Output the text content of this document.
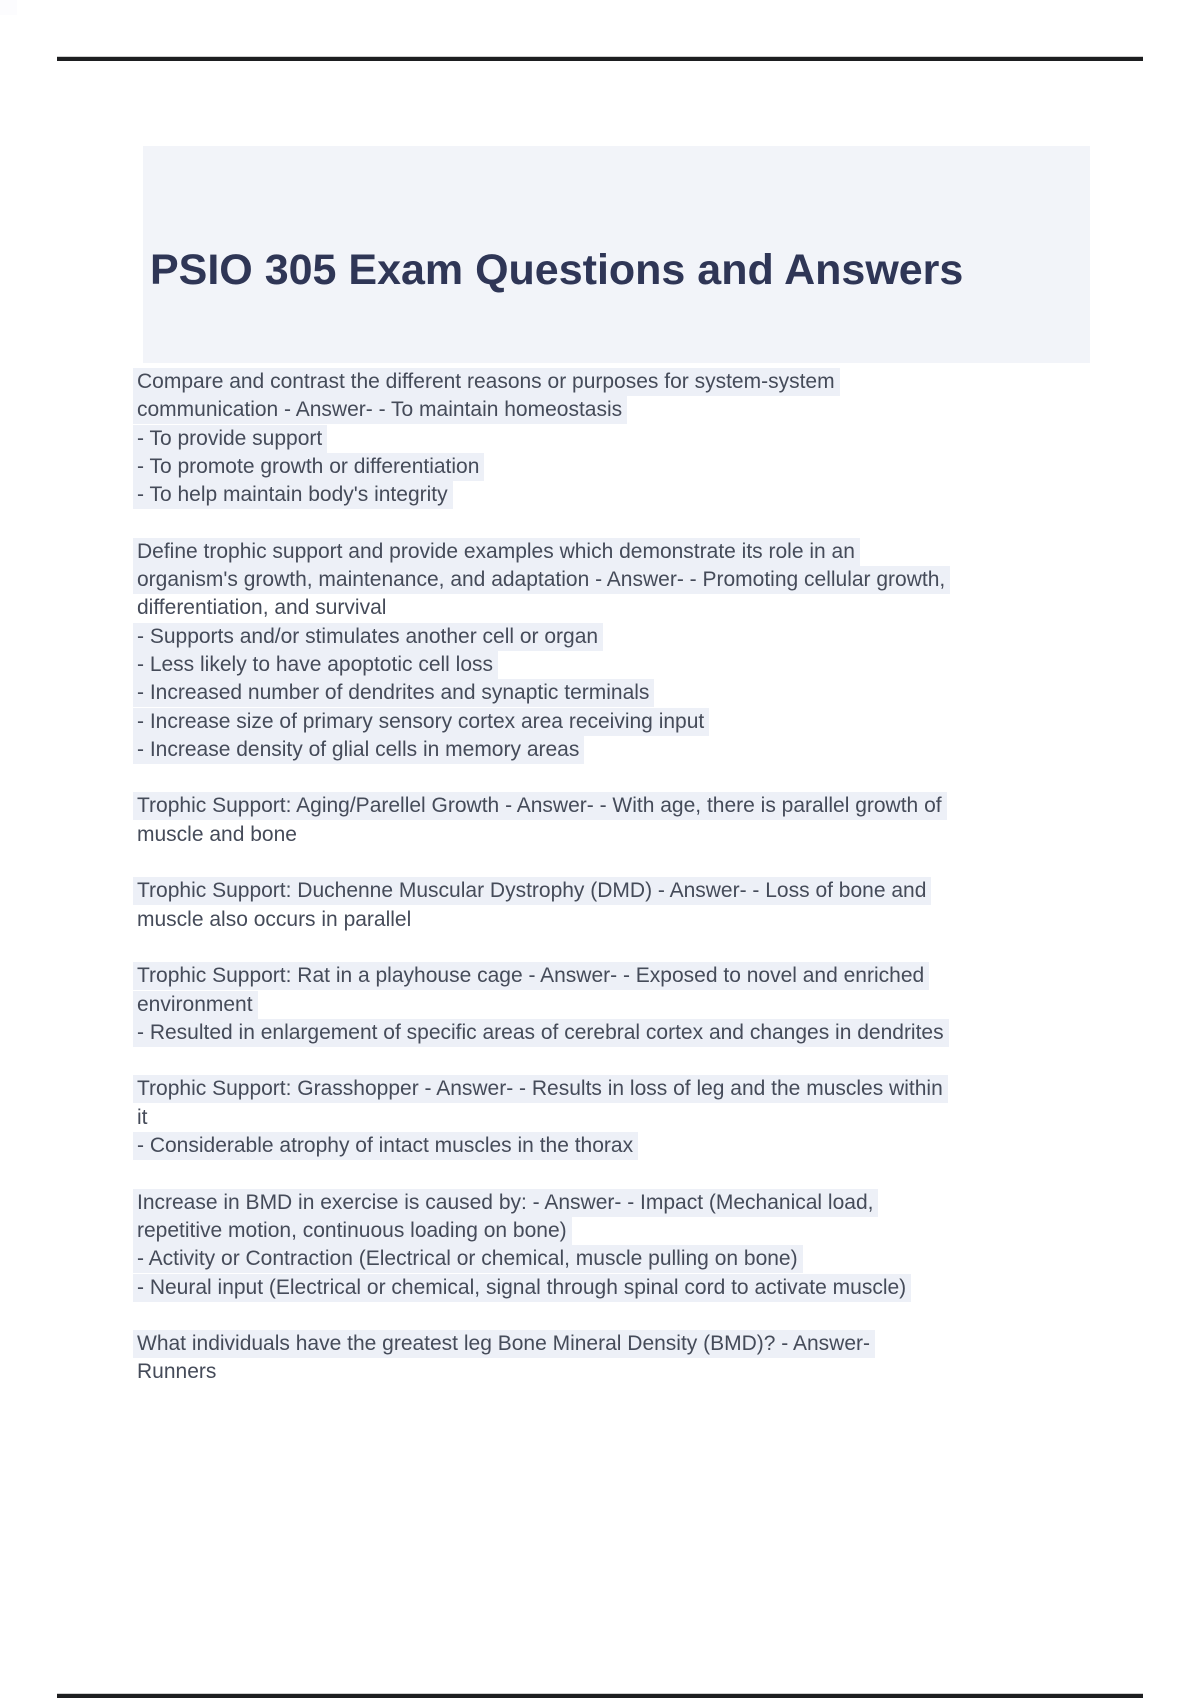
PSIO 305 Exam Questions and Answers

Compare and contrast the different reasons or purposes for system-system
communication - Answer- - To maintain homeostasis
- To provide support
- To promote growth or differentiation
- To help maintain body's integrity

Define trophic support and provide examples which demonstrate its role in an
organism's growth, maintenance, and adaptation - Answer- - Promoting cellular growth,
differentiation, and survival
- Supports and/or stimulates another cell or organ
- Less likely to have apoptotic cell loss
- Increased number of dendrites and synaptic terminals
- Increase size of primary sensory cortex area receiving input
- Increase density of glial cells in memory areas

Trophic Support: Aging/Parellel Growth - Answer- - With age, there is parallel growth of
muscle and bone

Trophic Support: Duchenne Muscular Dystrophy (DMD) - Answer- - Loss of bone and
muscle also occurs in parallel

Trophic Support: Rat in a playhouse cage - Answer- - Exposed to novel and enriched
environment
- Resulted in enlargement of specific areas of cerebral cortex and changes in dendrites

Trophic Support: Grasshopper - Answer- - Results in loss of leg and the muscles within
it
- Considerable atrophy of intact muscles in the thorax

Increase in BMD in exercise is caused by: - Answer- - Impact (Mechanical load,
repetitive motion, continuous loading on bone)
- Activity or Contraction (Electrical or chemical, muscle pulling on bone)
- Neural input (Electrical or chemical, signal through spinal cord to activate muscle)

What individuals have the greatest leg Bone Mineral Density (BMD)? - Answer-
Runners
